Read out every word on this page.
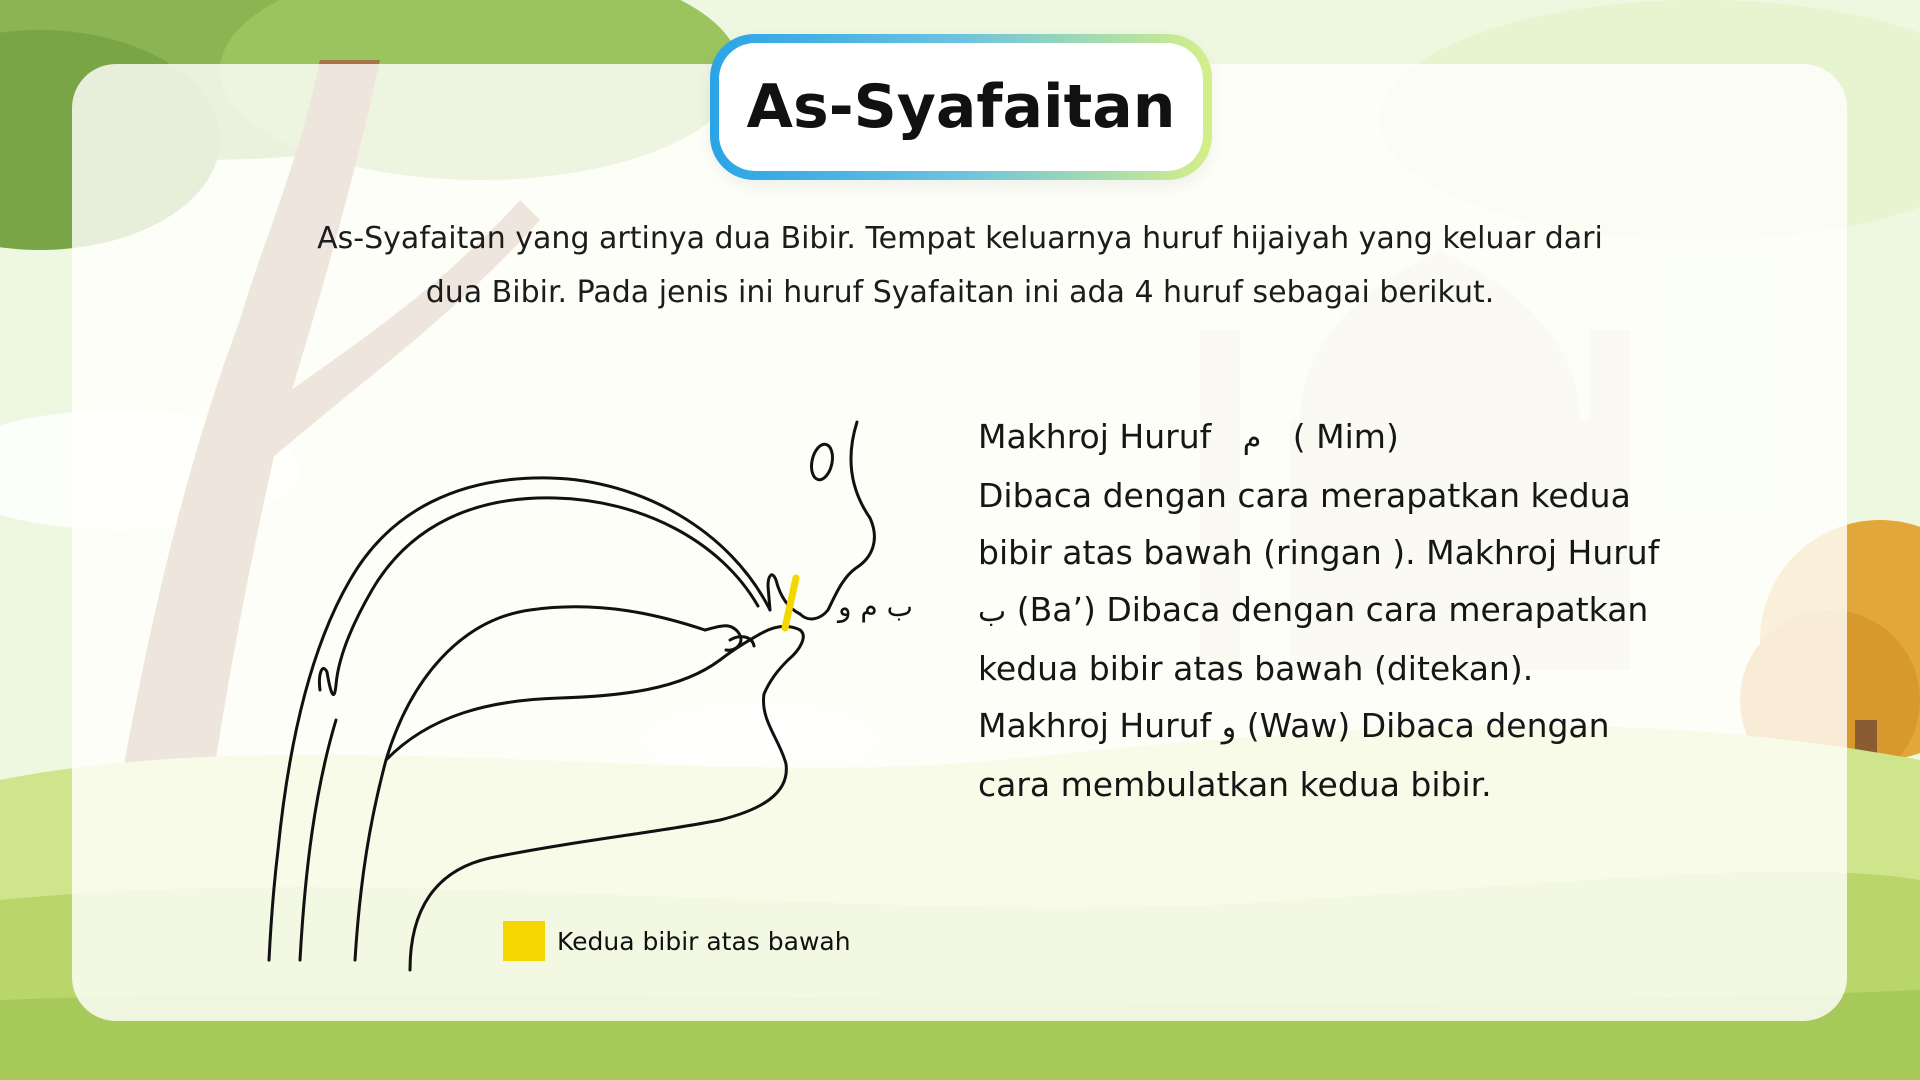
As-Syafaitan

As-Syafaitan yang artinya dua Bibir. Tempat keluarnya huruf hijaiyah yang keluar dari
dua Bibir. Pada jenis ini huruf Syafaitan ini ada 4 huruf sebagai berikut.

ب م و
Kedua bibir atas bawah

Makhroj Huruf م ( Mim)

Dibaca dengan cara merapatkan kedua

bibir atas bawah (ringan ). Makhroj Huruf

ب (Ba’) Dibaca dengan cara merapatkan

kedua bibir atas bawah (ditekan).

Makhroj Huruf و (Waw) Dibaca dengan

cara membulatkan kedua bibir.
